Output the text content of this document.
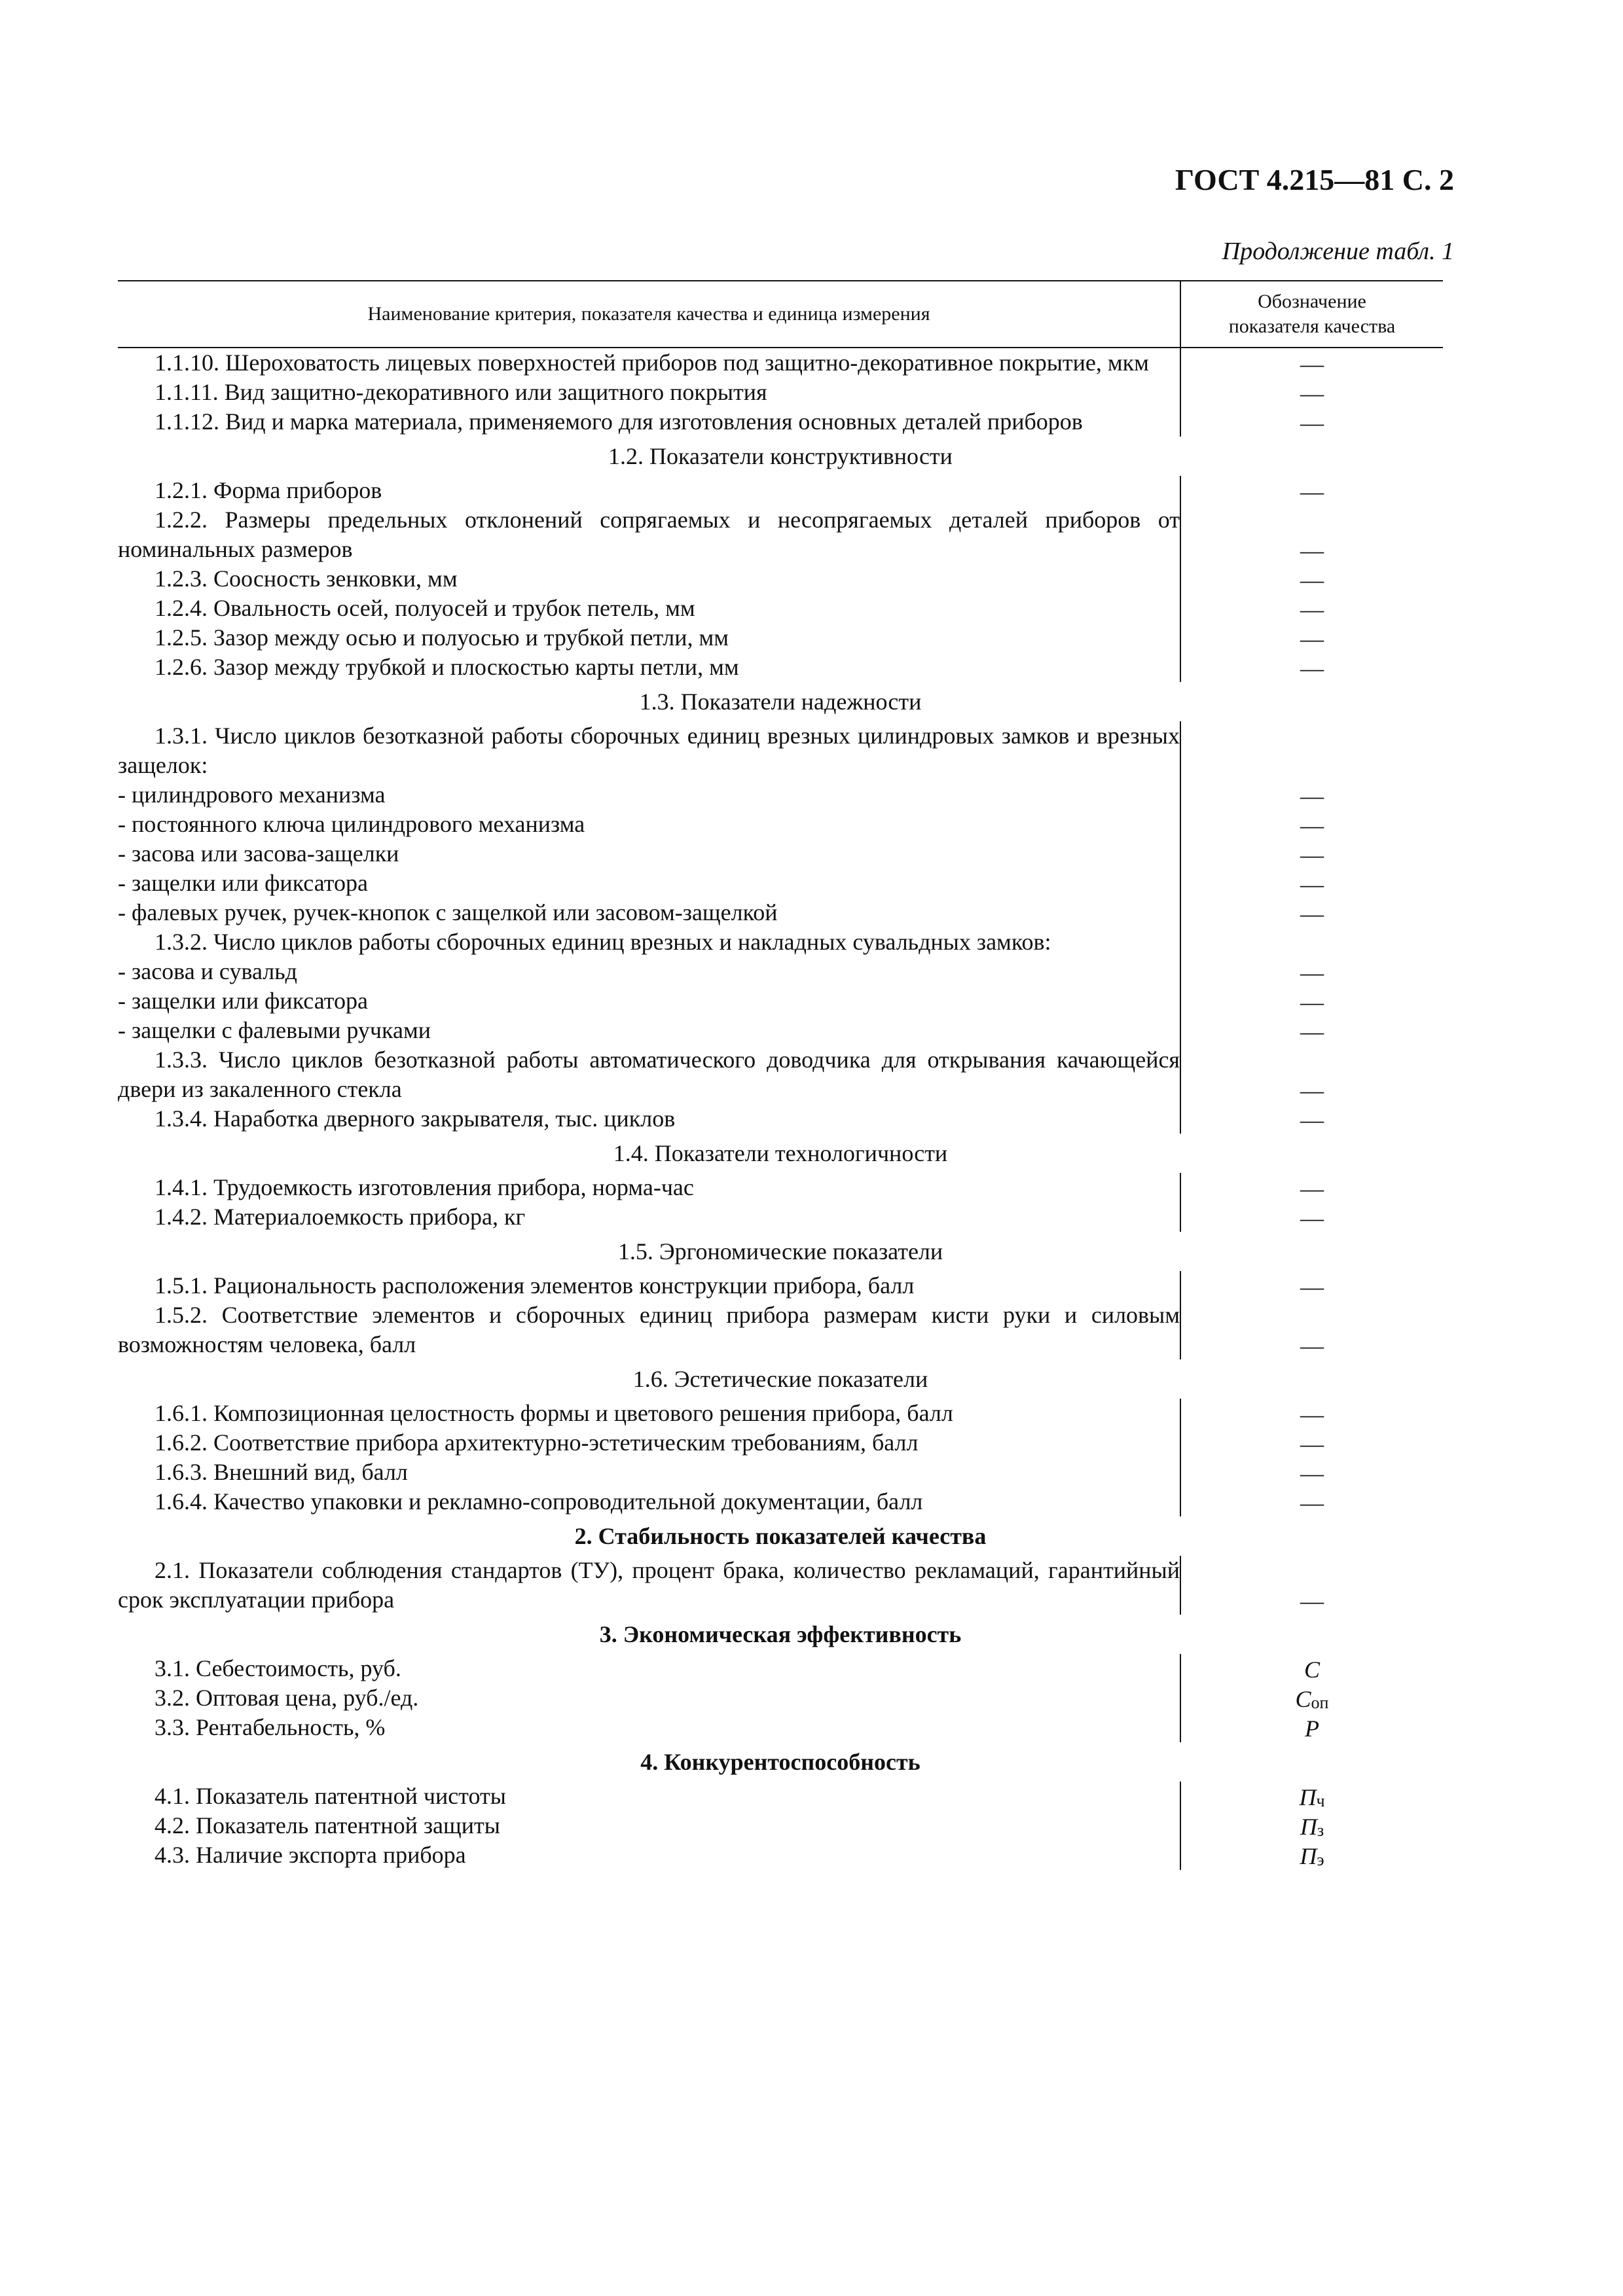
ГОСТ 4.215—81 С. 2
Продолжение табл. 1
Наименование критерия, показателя качества и единица измерения
Обозначение
показателя качества
1.1.10. Шероховатость лицевых поверхностей приборов под защитно-декоративное покрытие, мкм	—
1.1.11. Вид защитно-декоративного или защитного покрытия	—
1.1.12. Вид и марка материала, применяемого для изготовления основных деталей приборов	—
1.2. Показатели конструктивности
1.2.1. Форма приборов	—
1.2.2. Размеры предельных отклонений сопрягаемых и несопрягаемых деталей приборов от номинальных размеров	—
1.2.3. Соосность зенковки, мм	—
1.2.4. Овальность осей, полуосей и трубок петель, мм	—
1.2.5. Зазор между осью и полуосью и трубкой петли, мм	—
1.2.6. Зазор между трубкой и плоскостью карты петли, мм	—
1.3. Показатели надежности
1.3.1. Число циклов безотказной работы сборочных единиц врезных цилиндровых замков и врезных защелок:
- цилиндрового механизма	—
- постоянного ключа цилиндрового механизма	—
- засова или засова-защелки	—
- защелки или фиксатора	—
- фалевых ручек, ручек-кнопок с защелкой или засовом-защелкой	—
1.3.2. Число циклов работы сборочных единиц врезных и накладных сувальдных замков:
- засова и сувальд	—
- защелки или фиксатора	—
- защелки с фалевыми ручками	—
1.3.3. Число циклов безотказной работы автоматического доводчика для открывания качающейся двери из закаленного стекла	—
1.3.4. Наработка дверного закрывателя, тыс. циклов	—
1.4. Показатели технологичности
1.4.1. Трудоемкость изготовления прибора, норма-час	—
1.4.2. Материалоемкость прибора, кг	—
1.5. Эргономические показатели
1.5.1. Рациональность расположения элементов конструкции прибора, балл	—
1.5.2. Соответствие элементов и сборочных единиц прибора размерам кисти руки и силовым возможностям человека, балл	—
1.6. Эстетические показатели
1.6.1. Композиционная целостность формы и цветового решения прибора, балл	—
1.6.2. Соответствие прибора архитектурно-эстетическим требованиям, балл	—
1.6.3. Внешний вид, балл	—
1.6.4. Качество упаковки и рекламно-сопроводительной документации, балл	—
2. Стабильность показателей качества
2.1. Показатели соблюдения стандартов (ТУ), процент брака, количество рекламаций, гарантийный срок эксплуатации прибора	—
3. Экономическая эффективность
3.1. Себестоимость, руб.	C
3.2. Оптовая цена, руб./ед.	C оп
3.3. Рентабельность, %	P
4. Конкурентоспособность
4.1. Показатель патентной чистоты	П ч
4.2. Показатель патентной защиты	П з
4.3. Наличие экспорта прибора	П э
